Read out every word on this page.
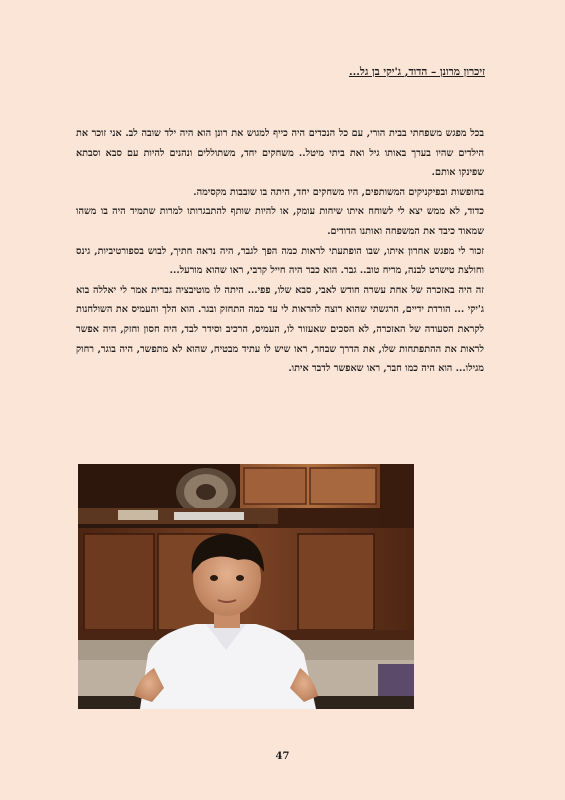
זיכרון מרונן – הדוד, ג'יקי בן גל...

בכל מפגש משפחתי בבית הורי, עם כל הנכדים היה כייף למגוש את רונן הוא היה ילד שובה לב. אני זוכר את הילדים שהיו בערך באותו גיל ואת ביתי מיטל.. משחקים יחד, משתוללים ונהנים להיות עם סבא וסבתא שפינקו אותם.

בחופשות ובפיקניקים המשותפים, היו משחקים יחד, היתה בו שובבות מקסימה.

כדוד, לא ממש יצא לי לשוחח איתו שיחות עומק, או להיות שותף להתבגרותו למרות שתמיד היה בו משהו שמאוד כיבד את המשפחה ואותנו הדודים.

זכור לי מפגש אחרון איתו, שבו הופתעתי לראות כמה הפך לגבר, היה נראה חתיך, לבוש בספורטיביות, גינס וחולצת טישרט לבנה, מריח טוב.. גבר. הוא כבר היה חייל קרבי, ראו שהוא מורעל...

זה היה באזכרה של אחת עשרה חודש לאבי, סבא שלו, פפי... היתה לו מוטיבציה גברית אמר לי יאללה בוא ג'יקי ... הורדת ידיים, הרגשתי שהוא רוצה להראות לי עד כמה התחזק ובגר. הוא הלך והעמיס את השולחנות לקראת הסעודה של האזכרה, לא הסכים שאעזור לו, העמיס, הרכיב וסידר לבד, היה חסון וחזק, היה אפשר לראות את ההתפתחות שלו, את הדרך שבחר, ראו שיש לו עתיד מבטיח, שהוא לא מתפשר, היה בוגר, רחוק מגילו... הוא היה כמו חבר, ראו שאפשר לדבר איתו.

47
